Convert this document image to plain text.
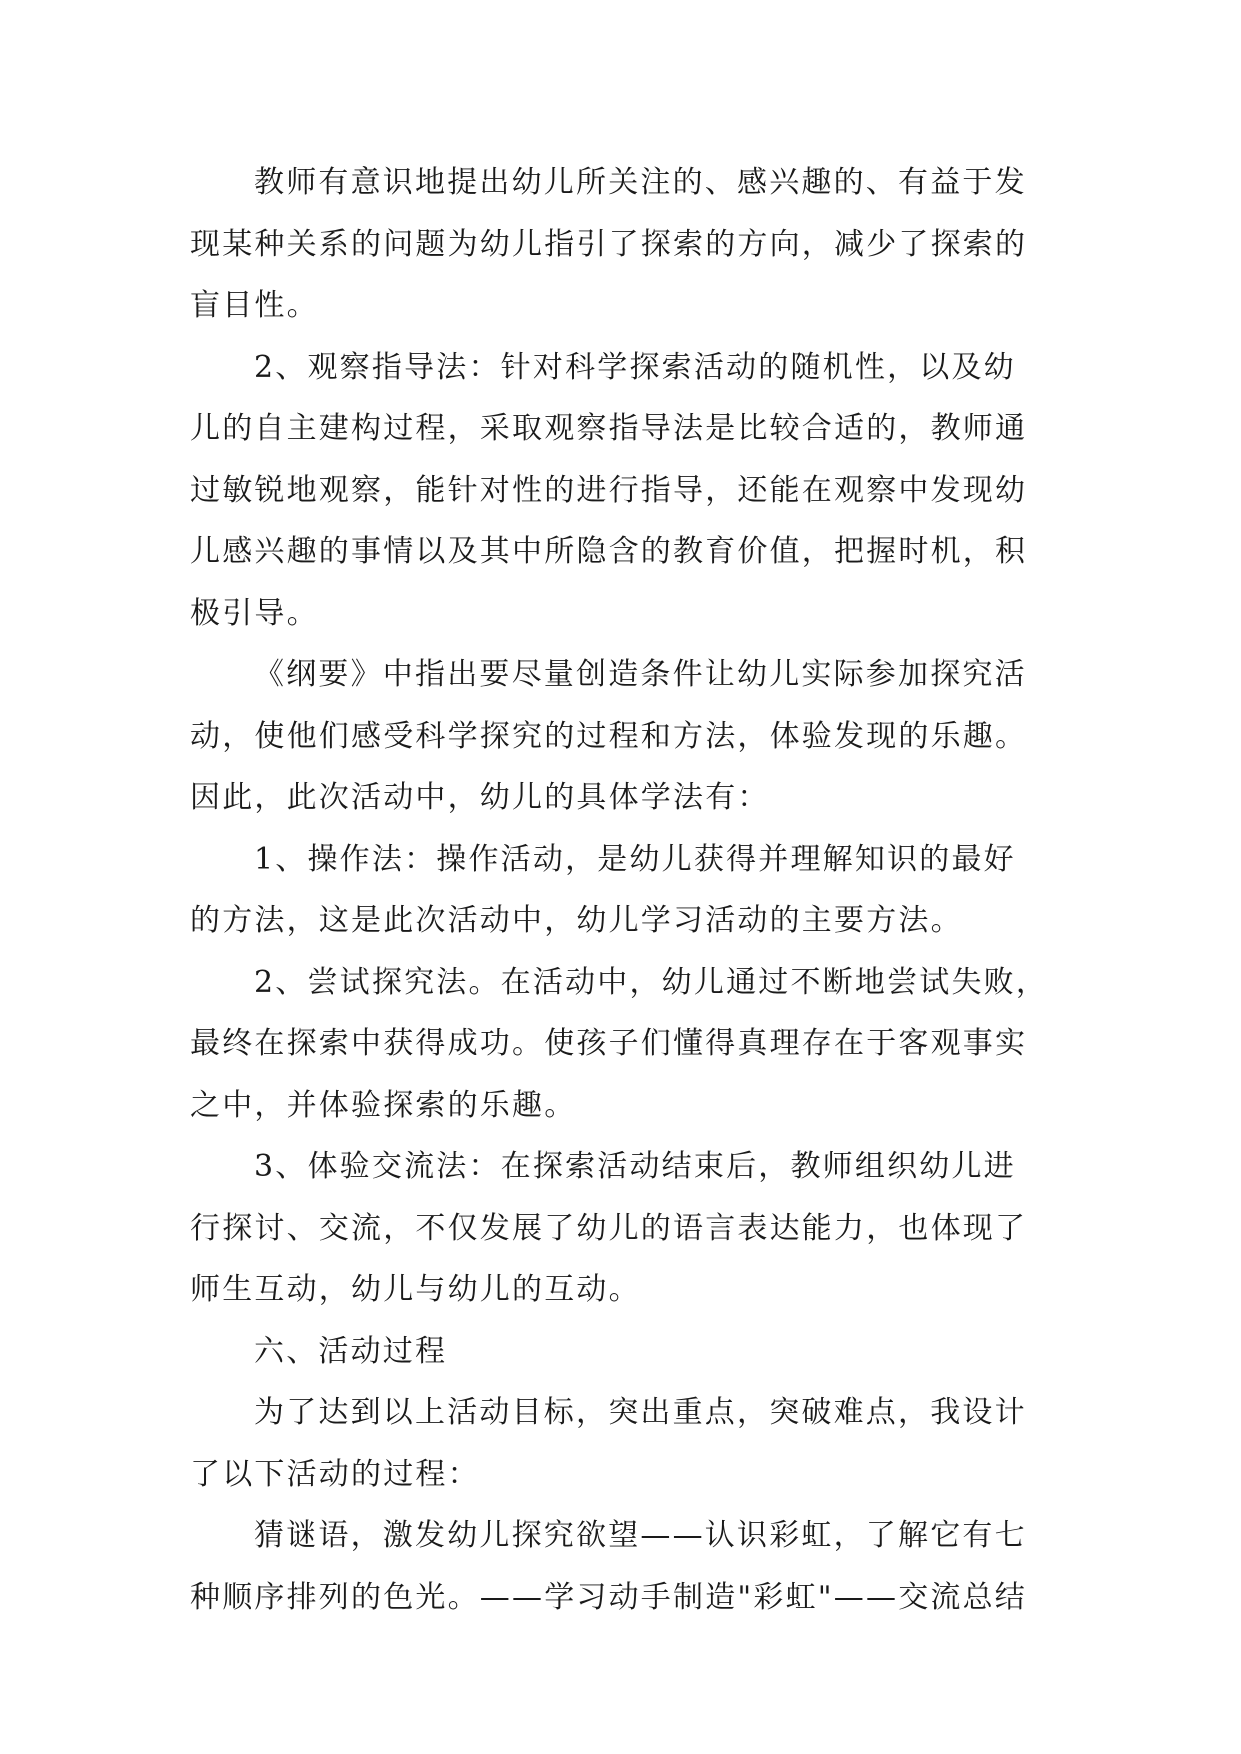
教师有意识地提出幼儿所关注的、感兴趣的、有益于发
现某种关系的问题为幼儿指引了探索的方向，减少了探索的
盲目性。
2、观察指导法：针对科学探索活动的随机性，以及幼
儿的自主建构过程，采取观察指导法是比较合适的，教师通
过敏锐地观察，能针对性的进行指导，还能在观察中发现幼
儿感兴趣的事情以及其中所隐含的教育价值，把握时机，积
极引导。
《纲要》中指出要尽量创造条件让幼儿实际参加探究活
动，使他们感受科学探究的过程和方法，体验发现的乐趣。
因此，此次活动中，幼儿的具体学法有：
1、操作法：操作活动，是幼儿获得并理解知识的最好
的方法，这是此次活动中，幼儿学习活动的主要方法。
2、尝试探究法。在活动中，幼儿通过不断地尝试失败，
最终在探索中获得成功。使孩子们懂得真理存在于客观事实
之中，并体验探索的乐趣。
3、体验交流法：在探索活动结束后，教师组织幼儿进
行探讨、交流，不仅发展了幼儿的语言表达能力，也体现了
师生互动，幼儿与幼儿的互动。
六、活动过程
为了达到以上活动目标，突出重点，突破难点，我设计
了以下活动的过程：
猜谜语，激发幼儿探究欲望——认识彩虹，了解它有七
种顺序排列的色光。——学习动手制造"彩虹"——交流总结
